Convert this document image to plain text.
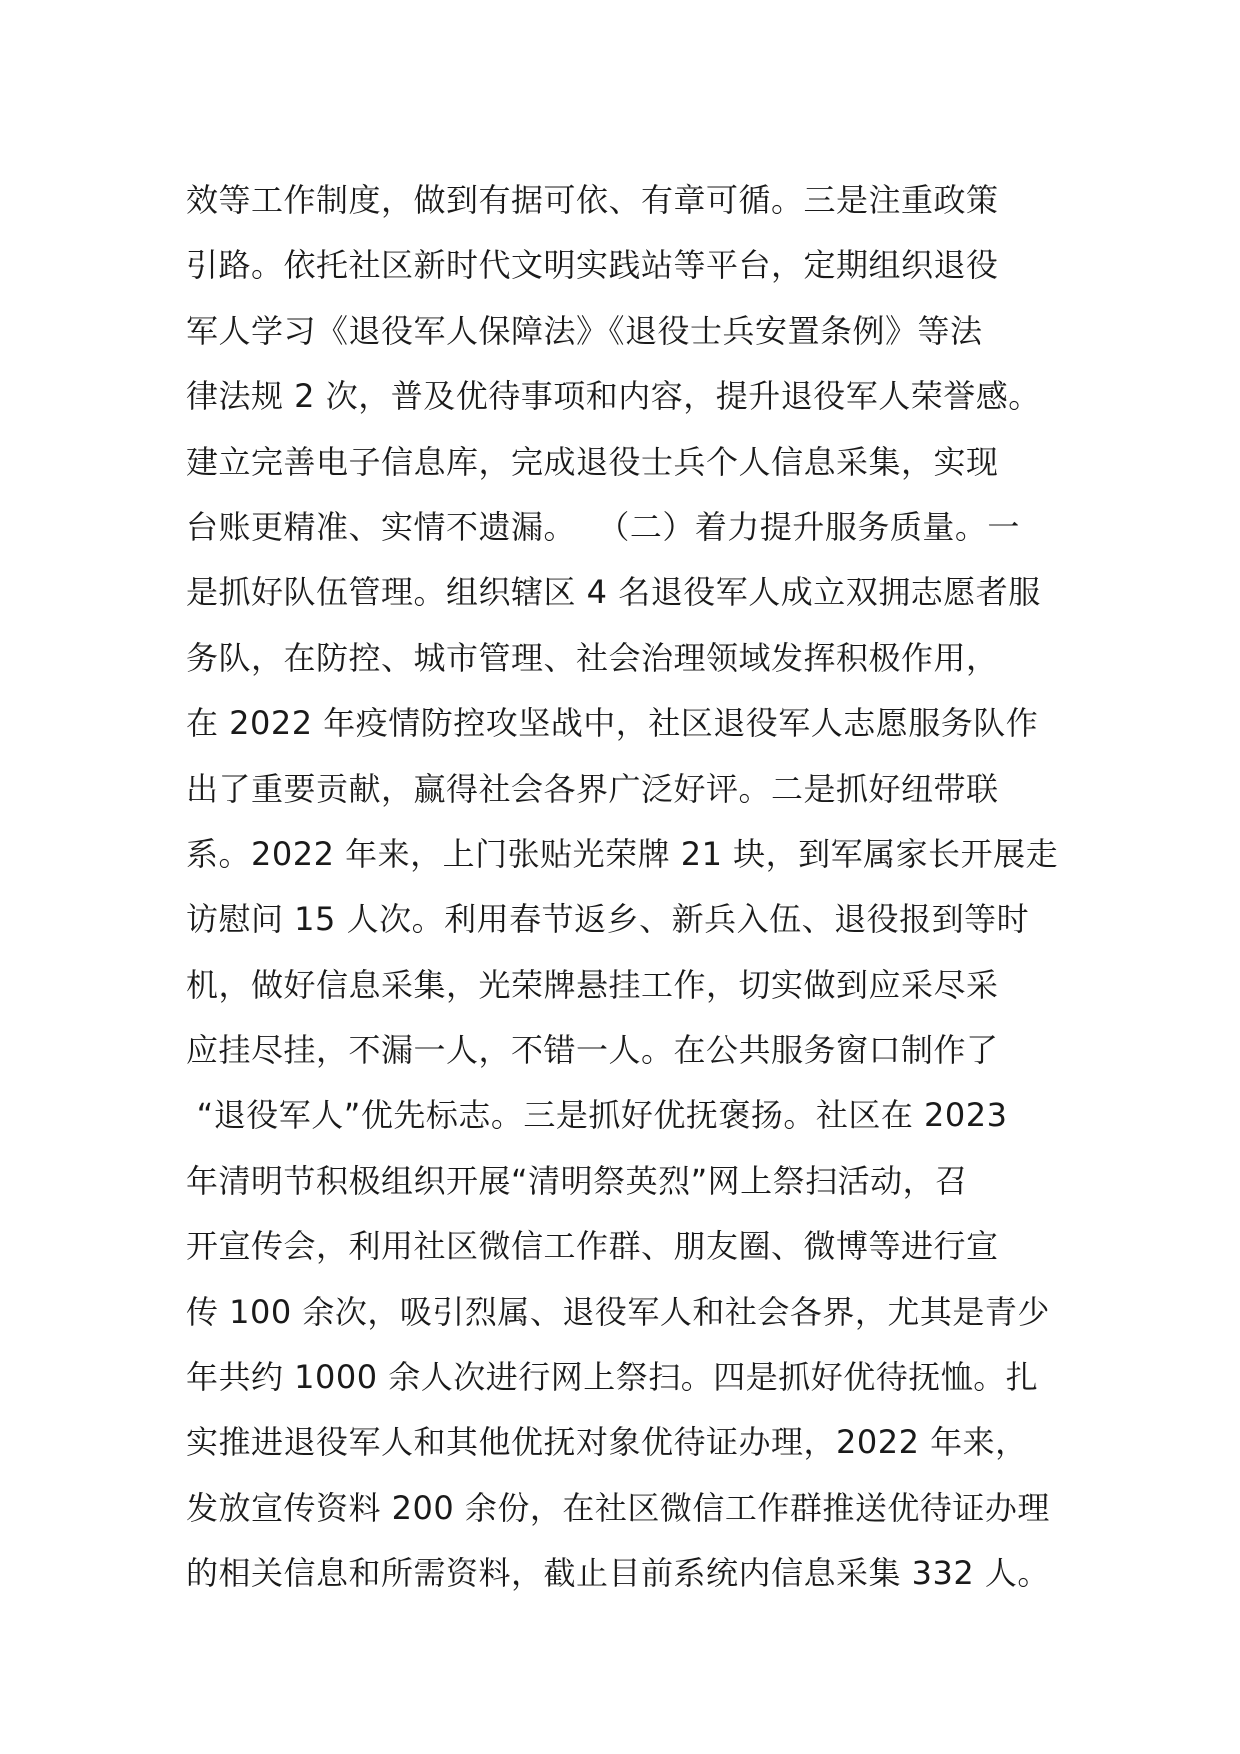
效等工作制度，做到有据可依、有章可循。三是注重政策
引路。依托社区新时代文明实践站等平台，定期组织退役
军人学习《退役军人保障法》《退役士兵安置条例》等法
律法规 2 次，普及优待事项和内容，提升退役军人荣誉感。
建立完善电子信息库，完成退役士兵个人信息采集，实现
台账更精准、实情不遗漏。  （二）着力提升服务质量。一
是抓好队伍管理。组织辖区 4 名退役军人成立双拥志愿者服
务队，在防控、城市管理、社会治理领域发挥积极作用，
在 2022 年疫情防控攻坚战中，社区退役军人志愿服务队作
出了重要贡献，赢得社会各界广泛好评。二是抓好纽带联
系。2022 年来，上门张贴光荣牌 21 块，到军属家长开展走
访慰问 15 人次。利用春节返乡、新兵入伍、退役报到等时
机，做好信息采集，光荣牌悬挂工作，切实做到应采尽采
应挂尽挂，不漏一人，不错一人。在公共服务窗口制作了
“退役军人”优先标志。三是抓好优抚褒扬。社区在 2023
年清明节积极组织开展“清明祭英烈”网上祭扫活动，召
开宣传会，利用社区微信工作群、朋友圈、微博等进行宣
传 100 余次，吸引烈属、退役军人和社会各界，尤其是青少
年共约 1000 余人次进行网上祭扫。四是抓好优待抚恤。扎
实推进退役军人和其他优抚对象优待证办理，2022 年来，
发放宣传资料 200 余份，在社区微信工作群推送优待证办理
的相关信息和所需资料，截止目前系统内信息采集 332 人。
